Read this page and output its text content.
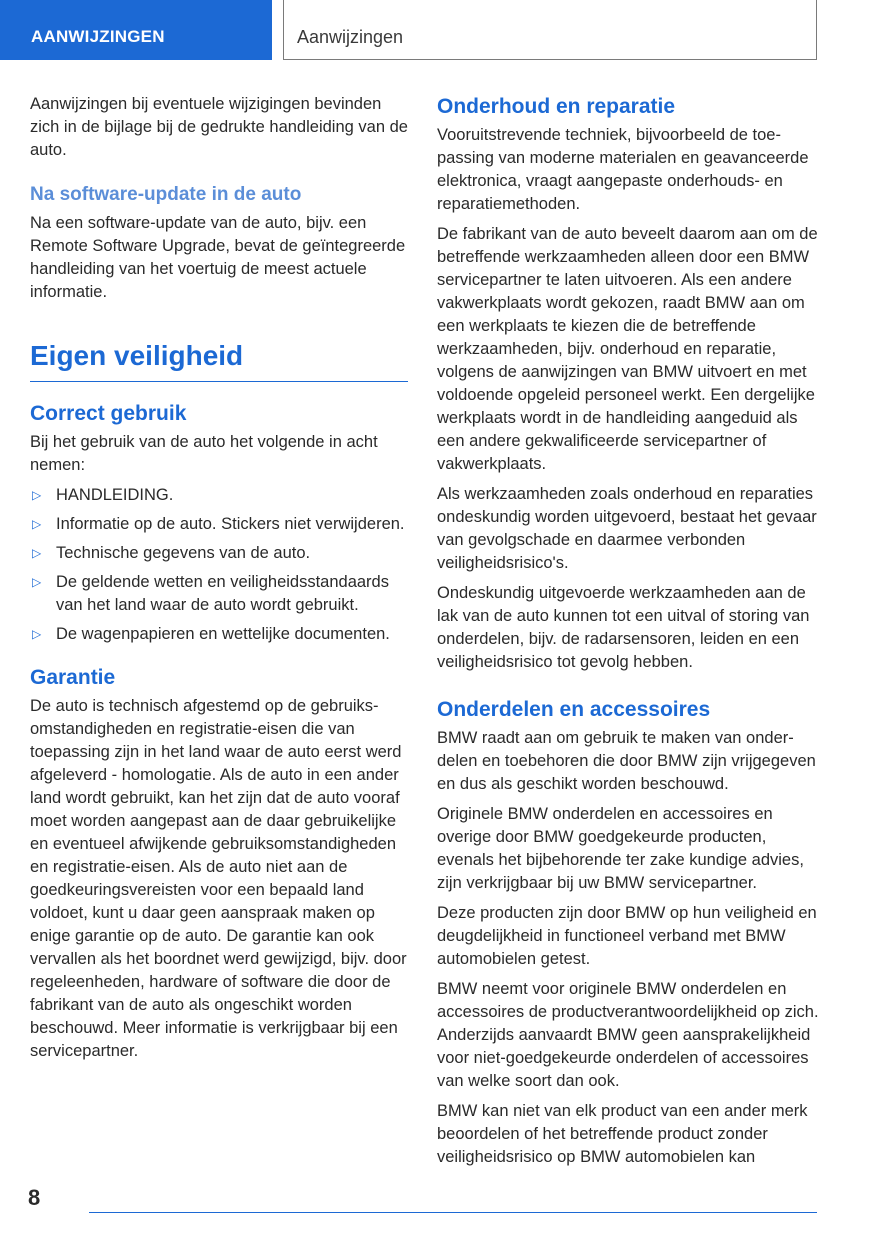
AANWIJZINGEN	Aanwijzingen

Aanwijzingen bij eventuele wijzigingen bevinden zich in de bijlage bij de gedrukte handleiding van de auto.

Na software-update in de auto

Na een software-update van de auto, bijv. een Remote Software Upgrade, bevat de geïntegreerde handleiding van het voertuig de meest actuele informatie.

Eigen veiligheid
Correct gebruik

Bij het gebruik van de auto het volgende in acht nemen:

▷ HANDLEIDING.
▷ Informatie op de auto. Stickers niet verwijderen.
▷ Technische gegevens van de auto.
▷ De geldende wetten en veiligheidsstandaards van het land waar de auto wordt gebruikt.
▷ De wagenpapieren en wettelijke documenten.
Garantie

De auto is technisch afgestemd op de gebruiksomstandigheden en registratie-eisen die van toepassing zijn in het land waar de auto eerst werd afgeleverd - homologatie. Als de auto in een ander land wordt gebruikt, kan het zijn dat de auto vooraf moet worden aangepast aan de daar gebruikelijke en eventueel afwijkende gebruiksomstandigheden en registratie-eisen. Als de auto niet aan de goedkeuringsvereisten voor een bepaald land voldoet, kunt u daar geen aanspraak maken op enige garantie op de auto. De garantie kan ook vervallen als het boordnet werd gewijzigd, bijv. door regeleenheden, hardware of software die door de fabrikant van de auto als ongeschikt worden beschouwd. Meer informatie is verkrijgbaar bij een servicepartner.

Onderhoud en reparatie

Vooruitstrevende techniek, bijvoorbeeld de toepassing van moderne materialen en geavanceerde elektronica, vraagt aangepaste onderhouds- en reparatiemethoden.

De fabrikant van de auto beveelt daarom aan om de betreffende werkzaamheden alleen door een BMW servicepartner te laten uitvoeren. Als een andere vakwerkplaats wordt gekozen, raadt BMW aan om een werkplaats te kiezen die de betreffende werkzaamheden, bijv. onderhoud en reparatie, volgens de aanwijzingen van BMW uitvoert en met voldoende opgeleid personeel werkt. Een dergelijke werkplaats wordt in de handleiding aangeduid als een andere gekwalificeerde servicepartner of vakwerkplaats.

Als werkzaamheden zoals onderhoud en reparaties ondeskundig worden uitgevoerd, bestaat het gevaar van gevolgschade en daarmee verbonden veiligheidsrisico's.

Ondeskundig uitgevoerde werkzaamheden aan de lak van de auto kunnen tot een uitval of storing van onderdelen, bijv. de radarsensoren, leiden en een veiligheidsrisico tot gevolg hebben.

Onderdelen en accessoires

BMW raadt aan om gebruik te maken van onderdelen en toebehoren die door BMW zijn vrijgegeven en dus als geschikt worden beschouwd.

Originele BMW onderdelen en accessoires en overige door BMW goedgekeurde producten, evenals het bijbehorende ter zake kundige advies, zijn verkrijgbaar bij uw BMW servicepartner.

Deze producten zijn door BMW op hun veiligheid en deugdelijkheid in functioneel verband met BMW automobielen getest.

BMW neemt voor originele BMW onderdelen en accessoires de productverantwoordelijkheid op zich. Anderzijds aanvaardt BMW geen aansprakelijkheid voor niet-goedgekeurde onderdelen of accessoires van welke soort dan ook.

BMW kan niet van elk product van een ander merk beoordelen of het betreffende product zonder veiligheidsrisico op BMW automobielen kan

8
